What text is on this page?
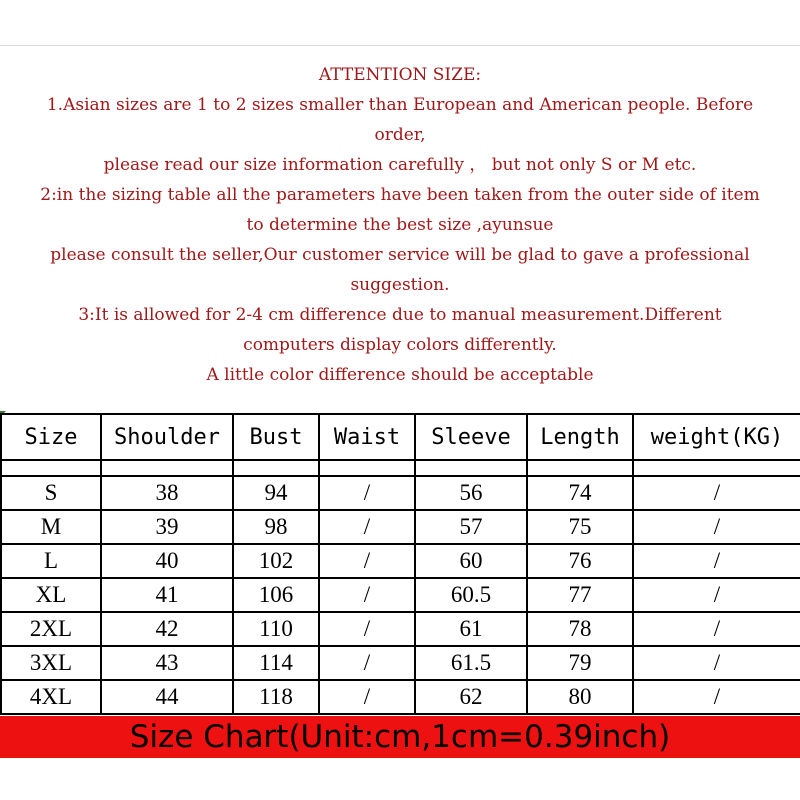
ATTENTION SIZE:
1.Asian sizes are 1 to 2 sizes smaller than European and American people. Before
order,
please read our size information carefully ， but not only S or M etc.
2:in the sizing table all the parameters have been taken from the outer side of item
to determine the best size ,ayunsue
please consult the seller,Our customer service will be glad to gave a professional
suggestion.
3:It is allowed for 2-4 cm difference due to manual measurement.Different
computers display colors differently.
A little color difference should be acceptable
Size	Shoulder	Bust	Waist	Sleeve	Length	weight(KG)

S	38	94	/	56	74	/
M	39	98	/	57	75	/
L	40	102	/	60	76	/
XL	41	106	/	60.5	77	/
2XL	42	110	/	61	78	/
3XL	43	114	/	61.5	79	/
4XL	44	118	/	62	80	/
Size Chart(Unit:cm,1cm=0.39inch)
